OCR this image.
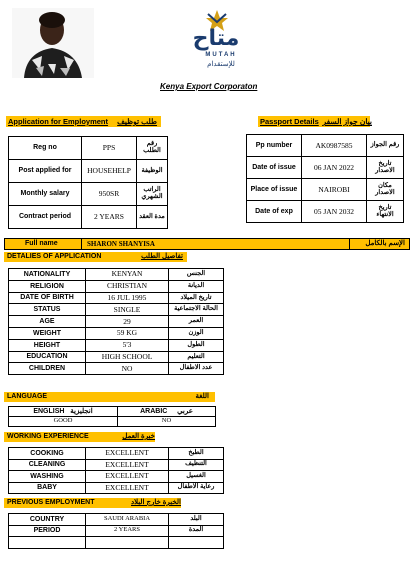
متاح
MUTAH
للإستقدام
Kenya Export Corporaton
Application for Employment طلب توظيف	Passport Details بيان جواز السفر
Reg no	PPS	رقم الطلب
Post applied for	HOUSEHELP	الوظيفة
Monthly salary	950SR	الراتب الشهري
Contract period	2 YEARS	مدة العقد
Pp number	AK0987585	رقم الجواز
Date of issue	06 JAN 2022	تاريخ الاصدار
Place of issue	NAIROBI	مكان الاصدار
Date of exp	05 JAN 2032	تاريخ الانتهاء
Full name	SHARON SHANYISA	الإسم بالكامل
DETALIES OF APPLICATION	تفاصيل الطلب
NATIONALITY	KENYAN	الجنس
RELIGION	CHRISTIAN	الديانة
DATE OF BIRTH	16 JUL 1995	تاريخ الميلاد
STATUS	SINGLE	الحالة الاجتماعية
AGE	29	العمر
WEIGHT	59 KG	الوزن
HEIGHT	5'3	الطول
EDUCATION	HIGH SCHOOL	التعليم
CHILDREN	NO	عدد الاطفال
LANGUAGE	اللغة
ENGLISH انجليزية	ARABIC عربي
GOOD	NO
WORKING EXPERIENCE	خبرة العمل
COOKING	EXCELLENT	الطبخ
CLEANING	EXCELLENT	التنظيف
WASHING	EXCELLENT	الغسيل
BABY	EXCELLENT	رعاية الاطفال
PREVIOUS EMPLOYMENT	الخبرة خارج البلاد
COUNTRY	SAUDI ARABIA	البلد
PERIOD	2 YEARS	المدة
